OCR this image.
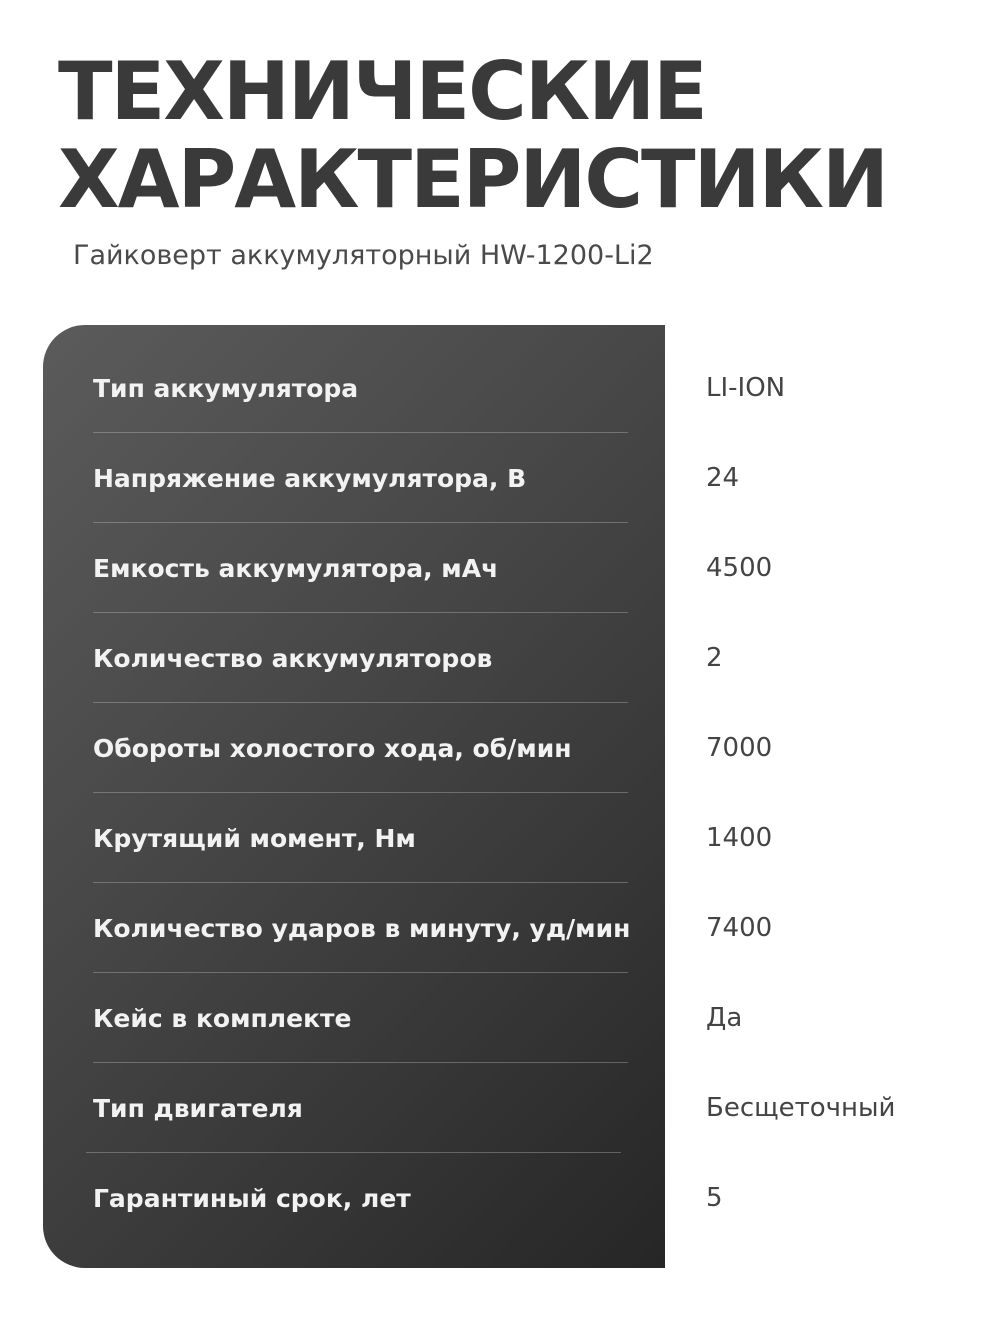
ТЕХНИЧЕСКИЕ
ХАРАКТЕРИСТИКИ

Гайковерт аккумуляторный HW-1200-Li2

Тип аккумулятора	LI-ION
Напряжение аккумулятора, В	24
Емкость аккумулятора, мАч	4500
Количество аккумуляторов	2
Обороты холостого хода, об/мин	7000
Крутящий момент, Нм	1400
Количество ударов в минуту, уд/мин	7400
Кейс в комплекте	Да
Тип двигателя	Бесщеточный
Гарантиный срок, лет	5
